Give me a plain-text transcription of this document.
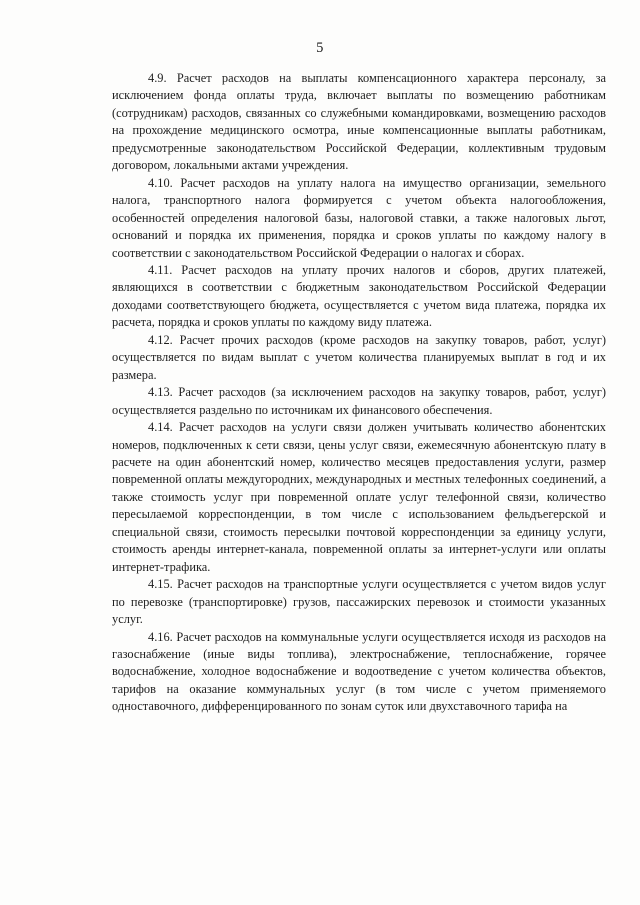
5

4.9. Расчет расходов на выплаты компенсационного характера персоналу, за исключением фонда оплаты труда, включает выплаты по возмещению работникам (сотрудникам) расходов, связанных со служебными командировками, возмещению расходов на прохождение медицинского осмотра, иные компенсационные выплаты работникам, предусмотренные законодательством Российской Федерации, коллективным трудовым договором, локальными актами учреждения.

4.10. Расчет расходов на уплату налога на имущество организации, земельного налога, транспортного налога формируется с учетом объекта налогообложения, особенностей определения налоговой базы, налоговой ставки, а также налоговых льгот, оснований и порядка их применения, порядка и сроков уплаты по каждому налогу в соответствии с законодательством Российской Федерации о налогах и сборах.

4.11. Расчет расходов на уплату прочих налогов и сборов, других платежей, являющихся в соответствии с бюджетным законодательством Российской Федерации доходами соответствующего бюджета, осуществляется с учетом вида платежа, порядка их расчета, порядка и сроков уплаты по каждому виду платежа.

4.12. Расчет прочих расходов (кроме расходов на закупку товаров, работ, услуг) осуществляется по видам выплат с учетом количества планируемых выплат в год и их размера.

4.13. Расчет расходов (за исключением расходов на закупку товаров, работ, услуг) осуществляется раздельно по источникам их финансового обеспечения.

4.14. Расчет расходов на услуги связи должен учитывать количество абонентских номеров, подключенных к сети связи, цены услуг связи, ежемесячную абонентскую плату в расчете на один абонентский номер, количество месяцев предоставления услуги, размер повременной оплаты междугородних, международных и местных телефонных соединений, а также стоимость услуг при повременной оплате услуг телефонной связи, количество пересылаемой корреспонденции, в том числе с использованием фельдъегерской и специальной связи, стоимость пересылки почтовой корреспонденции за единицу услуги, стоимость аренды интернет-канала, повременной оплаты за интернет-услуги или оплаты интернет-трафика.

4.15. Расчет расходов на транспортные услуги осуществляется с учетом видов услуг по перевозке (транспортировке) грузов, пассажирских перевозок и стоимости указанных услуг.

4.16. Расчет расходов на коммунальные услуги осуществляется исходя из расходов на газоснабжение (иные виды топлива), электроснабжение, теплоснабжение, горячее водоснабжение, холодное водоснабжение и водоотведение с учетом количества объектов, тарифов на оказание коммунальных услуг (в том числе с учетом применяемого одноставочного, дифференцированного по зонам суток или двухставочного тарифа на
